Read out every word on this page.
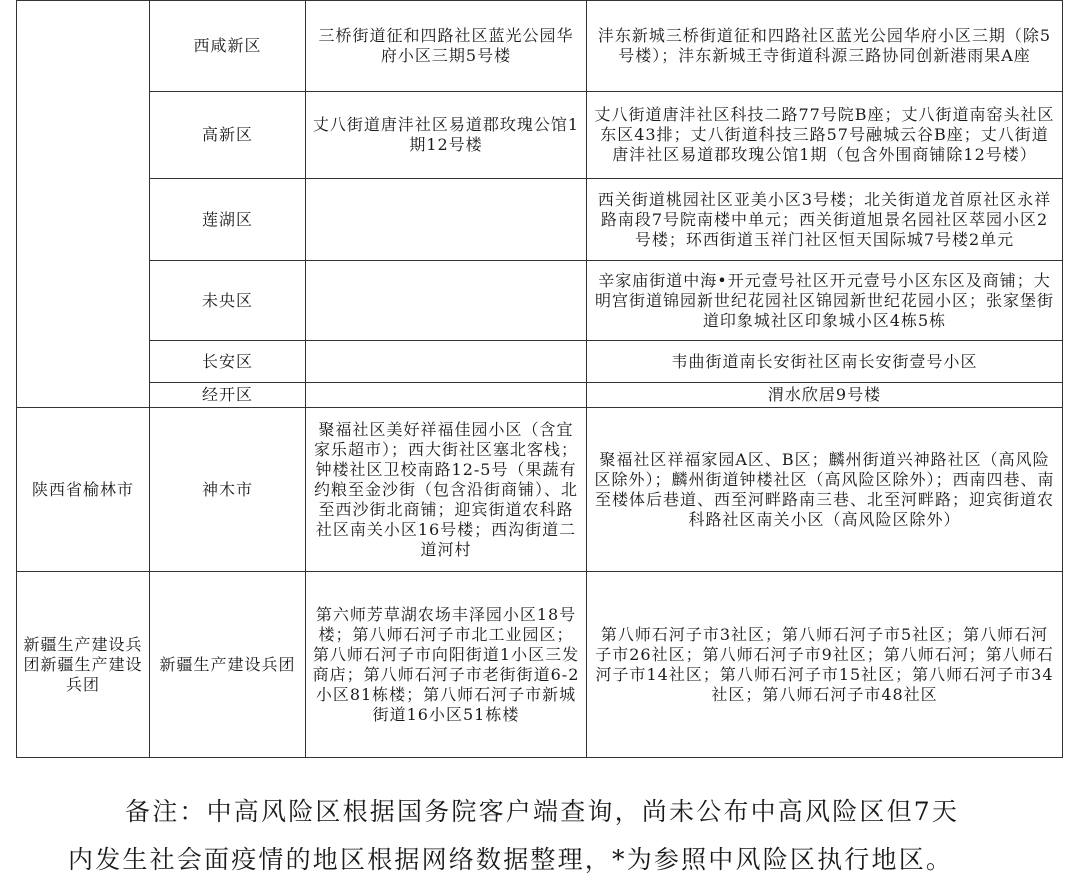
	西咸新区	三桥街道征和四路社区蓝光公园华府小区三期5号楼	沣东新城三桥街道征和四路社区蓝光公园华府小区三期（除5号楼）；沣东新城王寺街道科源三路协同创新港雨果A座
	高新区	丈八街道唐沣社区易道郡玫瑰公馆1期12号楼	丈八街道唐沣社区科技二路77号院B座；丈八街道南窑头社区东区43排；丈八街道科技三路57号融城云谷B座；丈八街道唐沣社区易道郡玫瑰公馆1期（包含外围商铺除12号楼）
	莲湖区		西关街道桃园社区亚美小区3号楼；北关街道龙首原社区永祥路南段7号院南楼中单元；西关街道旭景名园社区萃园小区2号楼；环西街道玉祥门社区恒天国际城7号楼2单元
	未央区		辛家庙街道中海•开元壹号社区开元壹号小区东区及商铺；大明宫街道锦园新世纪花园社区锦园新世纪花园小区；张家堡街道印象城社区印象城小区4栋5栋
	长安区		韦曲街道南长安街社区南长安街壹号小区
	经开区		渭水欣居9号楼
陕西省榆林市	神木市	聚福社区美好祥福佳园小区（含宜家乐超市）；西大街社区塞北客栈；钟楼社区卫校南路12-5号（果蔬有约粮至金沙街（包含沿街商铺）、北至西沙街北商铺；迎宾街道农科路社区南关小区16号楼；西沟街道二道河村	聚福社区祥福家园A区、B区；麟州街道兴神路社区（高风险区除外）；麟州街道钟楼社区（高风险区除外）；西南四巷、南至楼体后巷道、西至河畔路南三巷、北至河畔路；迎宾街道农科路社区南关小区（高风险区除外）
新疆生产建设兵团新疆生产建设兵团	新疆生产建设兵团	第六师芳草湖农场丰泽园小区18号楼；第八师石河子市北工业园区；第八师石河子市向阳街道1小区三发商店；第八师石河子市老街街道6-2小区81栋楼；第八师石河子市新城街道16小区51栋楼	第八师石河子市3社区；第八师石河子市5社区；第八师石河子市26社区；第八师石河子市9社区；第八师石河；第八师石河子市14社区；第八师石河子市15社区；第八师石河子市34社区；第八师石河子市48社区
备注：中高风险区根据国务院客户端查询，尚未公布中高风险区但7天
内发生社会面疫情的地区根据网络数据整理，*为参照中风险区执行地区。
